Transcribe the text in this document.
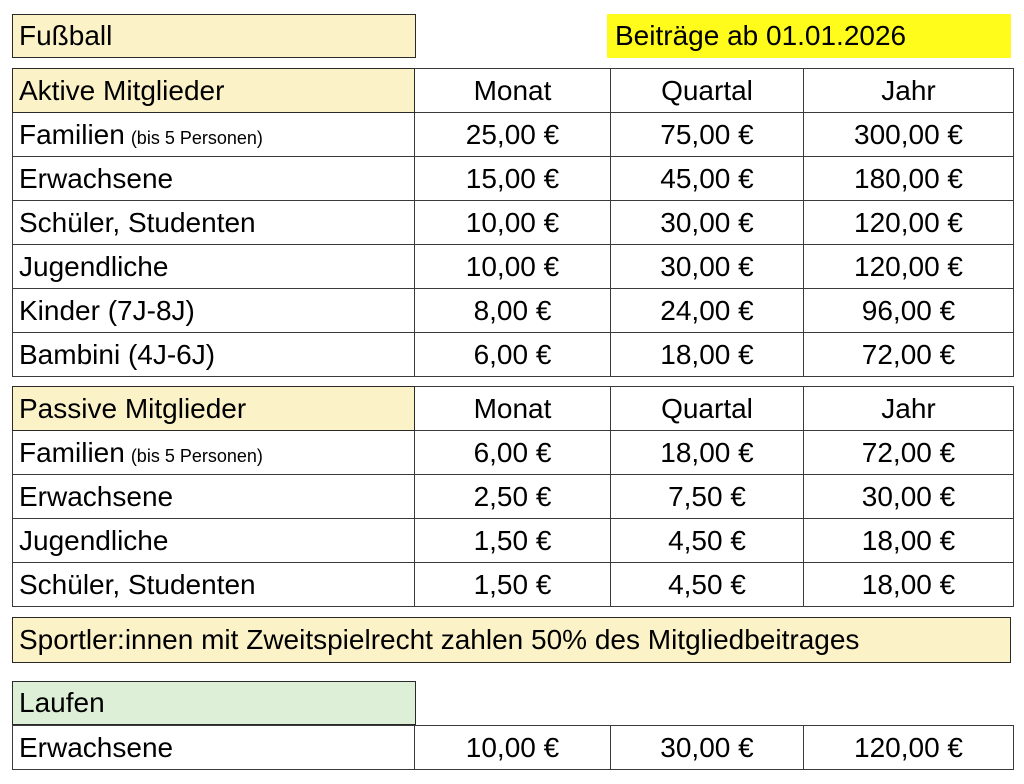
Fußball	Beiträge ab 01.01.2026
Aktive Mitglieder	Monat	Quartal	Jahr
Familien (bis 5 Personen)	25,00 €	75,00 €	300,00 €
Erwachsene	15,00 €	45,00 €	180,00 €
Schüler, Studenten	10,00 €	30,00 €	120,00 €
Jugendliche	10,00 €	30,00 €	120,00 €
Kinder (7J-8J)	8,00 €	24,00 €	96,00 €
Bambini (4J-6J)	6,00 €	18,00 €	72,00 €
Passive Mitglieder	Monat	Quartal	Jahr
Familien (bis 5 Personen)	6,00 €	18,00 €	72,00 €
Erwachsene	2,50 €	7,50 €	30,00 €
Jugendliche	1,50 €	4,50 €	18,00 €
Schüler, Studenten	1,50 €	4,50 €	18,00 €
Sportler:innen mit Zweitspielrecht zahlen 50% des Mitgliedbeitrages
Laufen
Erwachsene	10,00 €	30,00 €	120,00 €
